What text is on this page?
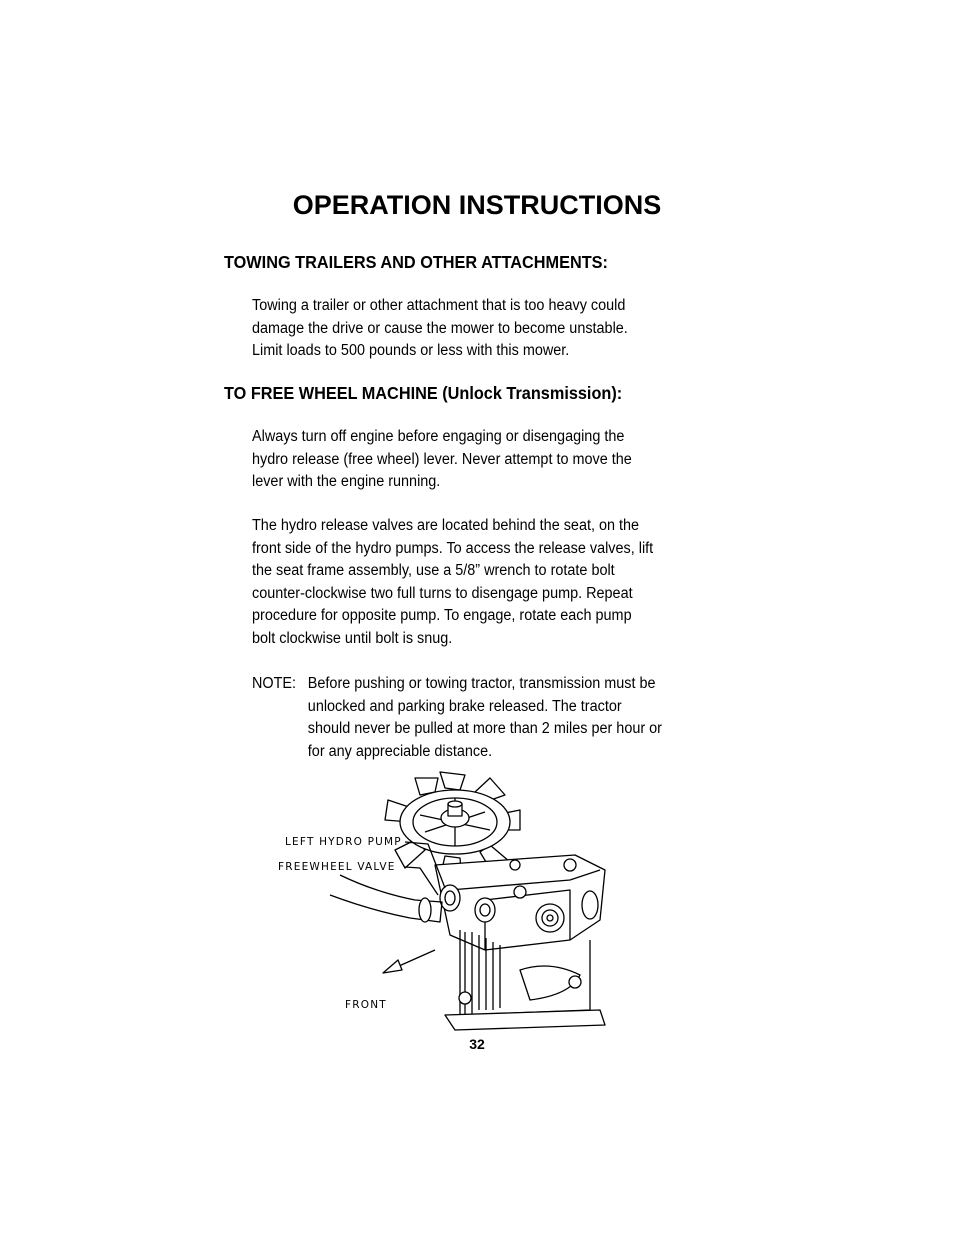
OPERATION INSTRUCTIONS
TOWING TRAILERS AND OTHER ATTACHMENTS:
Towing a trailer or other attachment that is too heavy could
damage the drive or cause the mower to become unstable.
Limit loads to 500 pounds or less with this mower.
TO FREE WHEEL MACHINE (Unlock Transmission):
Always turn off engine before engaging or disengaging the
hydro release (free wheel) lever. Never attempt to move the
lever with the engine running.
The hydro release valves are located behind the seat, on the
front side of the hydro pumps. To access the release valves, lift
the seat frame assembly, use a 5/8” wrench to rotate bolt
counter-clockwise two full turns to disengage pump. Repeat
procedure for opposite pump. To engage, rotate each pump
bolt clockwise until bolt is snug.
NOTE: Before pushing or towing tractor, transmission must be
unlocked and parking brake released. The tractor
should never be pulled at more than 2 miles per hour or
for any appreciable distance.
LEFT HYDRO PUMP
FREEWHEEL VALVE
FRONT
32
